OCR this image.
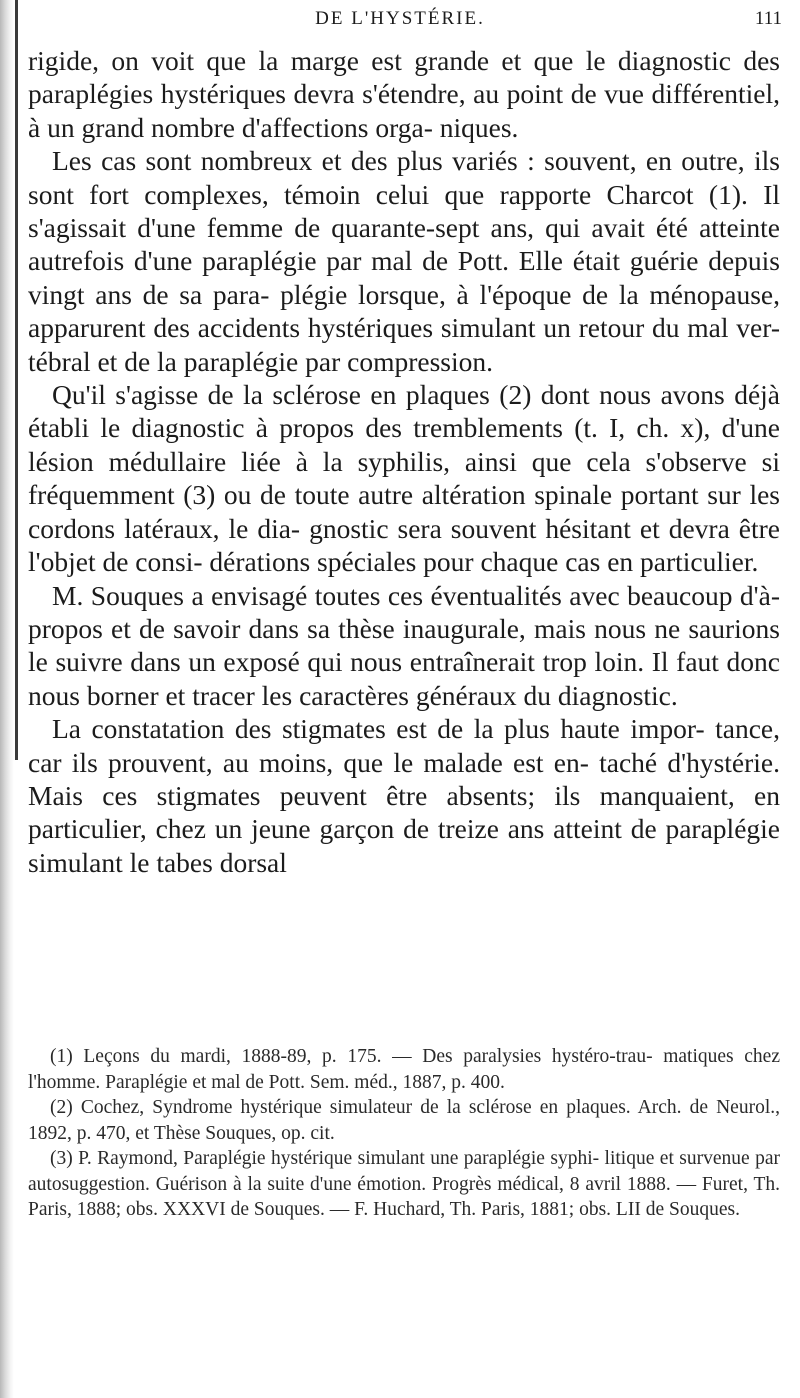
DE L'HYSTÉRIE.	111

rigide, on voit que la marge est grande et que le diagnostic des paraplégies hystériques devra s'étendre, au point de vue différentiel, à un grand nombre d'affections orga- niques.

Les cas sont nombreux et des plus variés : souvent, en outre, ils sont fort complexes, témoin celui que rapporte Charcot (1). Il s'agissait d'une femme de quarante-sept ans, qui avait été atteinte autrefois d'une paraplégie par mal de Pott. Elle était guérie depuis vingt ans de sa para- plégie lorsque, à l'époque de la ménopause, apparurent des accidents hystériques simulant un retour du mal ver- tébral et de la paraplégie par compression.

Qu'il s'agisse de la sclérose en plaques (2) dont nous avons déjà établi le diagnostic à propos des tremblements (t. I, ch. x), d'une lésion médullaire liée à la syphilis, ainsi que cela s'observe si fréquemment (3) ou de toute autre altération spinale portant sur les cordons latéraux, le dia- gnostic sera souvent hésitant et devra être l'objet de consi- dérations spéciales pour chaque cas en particulier.

M. Souques a envisagé toutes ces éventualités avec beaucoup d'à-propos et de savoir dans sa thèse inaugurale, mais nous ne saurions le suivre dans un exposé qui nous entraînerait trop loin. Il faut donc nous borner et tracer les caractères généraux du diagnostic.

La constatation des stigmates est de la plus haute impor- tance, car ils prouvent, au moins, que le malade est en- taché d'hystérie. Mais ces stigmates peuvent être absents; ils manquaient, en particulier, chez un jeune garçon de treize ans atteint de paraplégie simulant le tabes dorsal

(1) Leçons du mardi, 1888-89, p. 175. — Des paralysies hystéro-trau- matiques chez l'homme. Paraplégie et mal de Pott. Sem. méd., 1887, p. 400.

(2) Cochez, Syndrome hystérique simulateur de la sclérose en plaques. Arch. de Neurol., 1892, p. 470, et Thèse Souques, op. cit.

(3) P. Raymond, Paraplégie hystérique simulant une paraplégie syphi- litique et survenue par autosuggestion. Guérison à la suite d'une émotion. Progrès médical, 8 avril 1888. — Furet, Th. Paris, 1888; obs. XXXVI de Souques. — F. Huchard, Th. Paris, 1881; obs. LII de Souques.
